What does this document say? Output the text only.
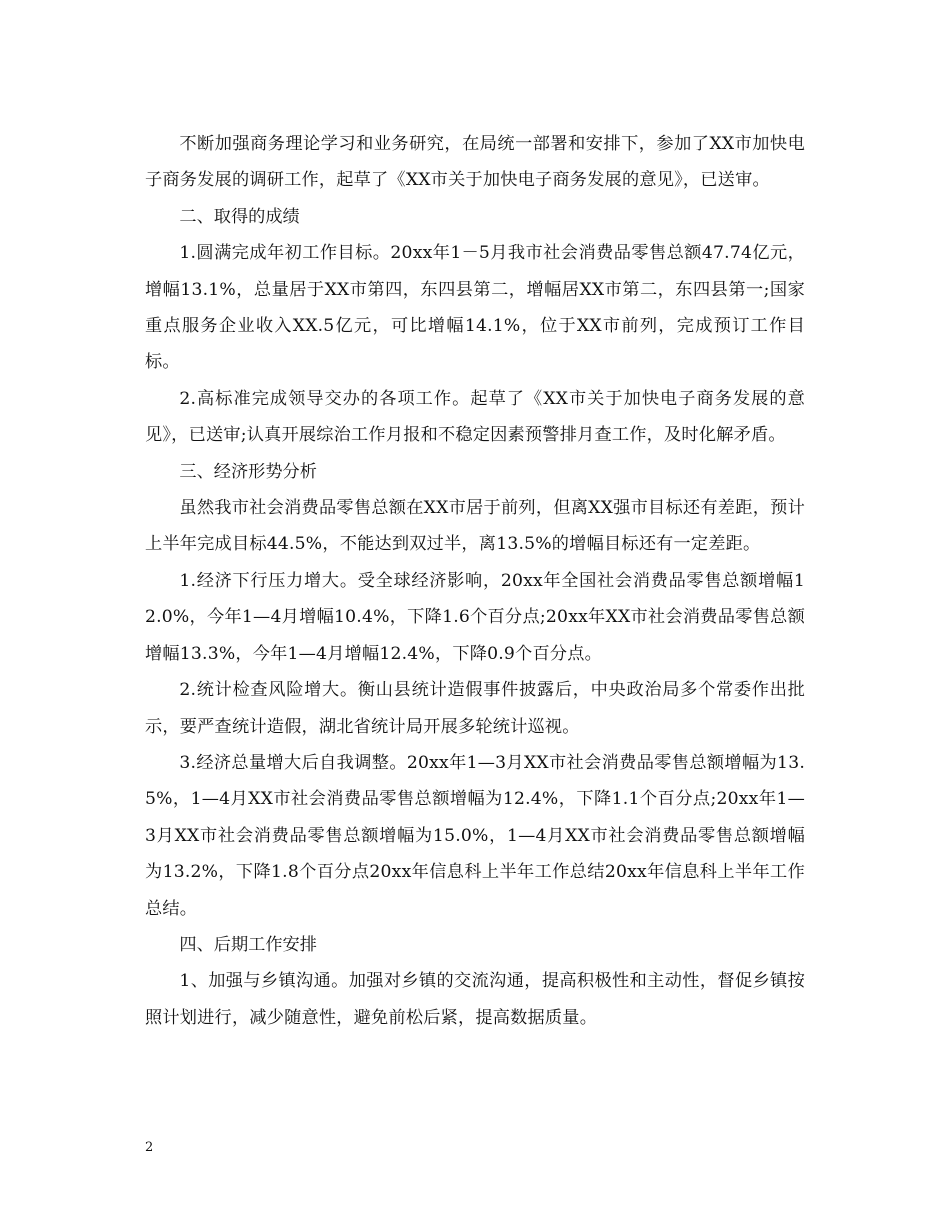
不断加强商务理论学习和业务研究，在局统一部署和安排下，参加了XX市加快电子商务发展的调研工作，起草了《XX市关于加快电子商务发展的意见》，已送审。

二、取得的成绩

1.圆满完成年初工作目标。20xx年1－5月我市社会消费品零售总额47.74亿元，增幅13.1%，总量居于XX市第四，东四县第二，增幅居XX市第二，东四县第一;国家重点服务企业收入XX.5亿元，可比增幅14.1%，位于XX市前列，完成预订工作目标。

2.高标准完成领导交办的各项工作。起草了《XX市关于加快电子商务发展的意见》，已送审;认真开展综治工作月报和不稳定因素预警排月查工作，及时化解矛盾。

三、经济形势分析

虽然我市社会消费品零售总额在XX市居于前列，但离XX强市目标还有差距，预计上半年完成目标44.5%，不能达到双过半，离13.5%的增幅目标还有一定差距。

1.经济下行压力增大。受全球经济影响，20xx年全国社会消费品零售总额增幅12.0%，今年1—4月增幅10.4%，下降1.6个百分点;20xx年XX市社会消费品零售总额增幅13.3%，今年1—4月增幅12.4%，下降0.9个百分点。

2.统计检查风险增大。衡山县统计造假事件披露后，中央政治局多个常委作出批示，要严查统计造假，湖北省统计局开展多轮统计巡视。

3.经济总量增大后自我调整。20xx年1—3月XX市社会消费品零售总额增幅为13.5%，1—4月XX市社会消费品零售总额增幅为12.4%，下降1.1个百分点;20xx年1—3月XX市社会消费品零售总额增幅为15.0%，1—4月XX市社会消费品零售总额增幅为13.2%，下降1.8个百分点20xx年信息科上半年工作总结20xx年信息科上半年工作总结。

四、后期工作安排

1、加强与乡镇沟通。加强对乡镇的交流沟通，提高积极性和主动性，督促乡镇按照计划进行，减少随意性，避免前松后紧，提高数据质量。

2
